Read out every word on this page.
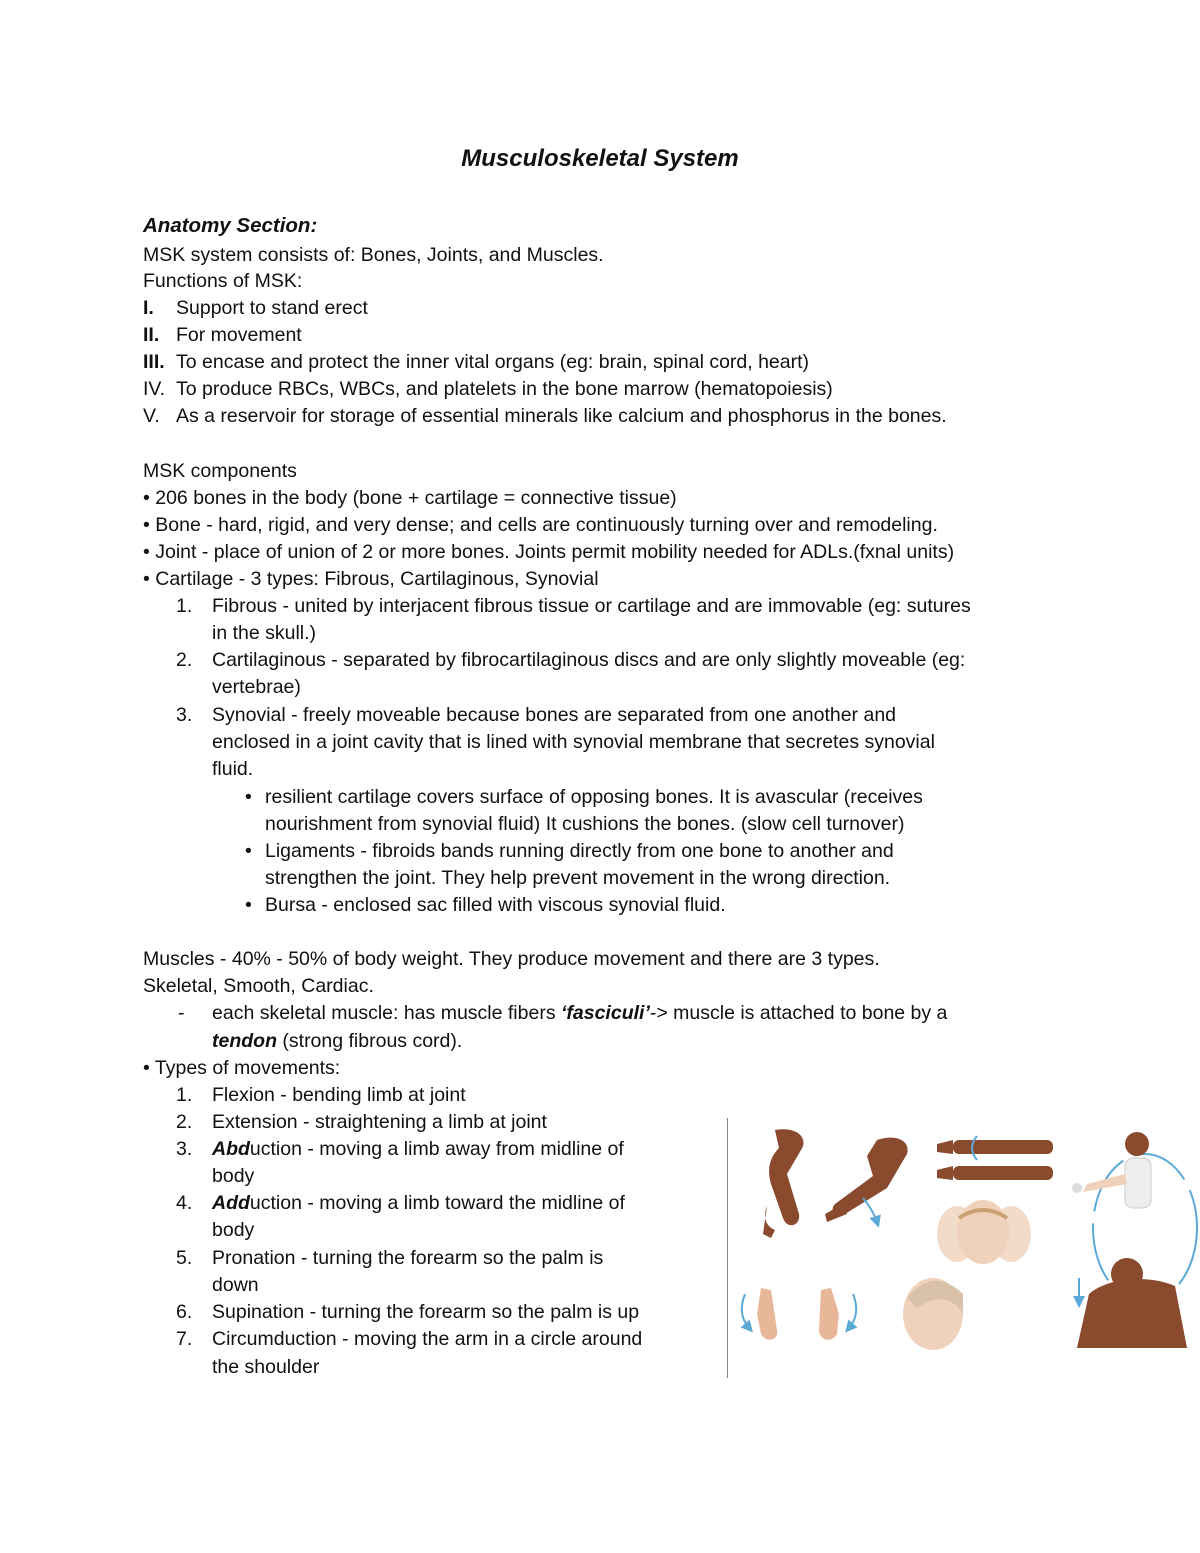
Musculoskeletal System
Anatomy Section:
MSK system consists of: Bones, Joints, and Muscles.
Functions of MSK:
I. Support to stand erect
II. For movement
III. To encase and protect the inner vital organs (eg: brain, spinal cord, heart)
IV. To produce RBCs, WBCs, and platelets in the bone marrow (hematopoiesis)
V. As a reservoir for storage of essential minerals like calcium and phosphorus in the bones.
MSK components
• 206 bones in the body (bone + cartilage = connective tissue)
• Bone - hard, rigid, and very dense; and cells are continuously turning over and remodeling.
• Joint - place of union of 2 or more bones. Joints permit mobility needed for ADLs.(fxnal units)
• Cartilage - 3 types: Fibrous, Cartilaginous, Synovial
1. Fibrous - united by interjacent fibrous tissue or cartilage and are immovable (eg: sutures
in the skull.)
2. Cartilaginous - separated by fibrocartilaginous discs and are only slightly moveable (eg:
vertebrae)
3. Synovial - freely moveable because bones are separated from one another and
enclosed in a joint cavity that is lined with synovial membrane that secretes synovial
fluid.
• resilient cartilage covers surface of opposing bones. It is avascular (receives
nourishment from synovial fluid) It cushions the bones. (slow cell turnover)
• Ligaments - fibroids bands running directly from one bone to another and
strengthen the joint. They help prevent movement in the wrong direction.
• Bursa - enclosed sac filled with viscous synovial fluid.
Muscles - 40% - 50% of body weight. They produce movement and there are 3 types.
Skeletal, Smooth, Cardiac.
- each skeletal muscle: has muscle fibers ‘fasciculi’-> muscle is attached to bone by a
tendon (strong fibrous cord).
• Types of movements:
1. Flexion - bending limb at joint
2. Extension - straightening a limb at joint
3. Abduction - moving a limb away from midline of
body
4. Adduction - moving a limb toward the midline of
body
5. Pronation - turning the forearm so the palm is
down
6. Supination - turning the forearm so the palm is up
7. Circumduction - moving the arm in a circle around
the shoulder
